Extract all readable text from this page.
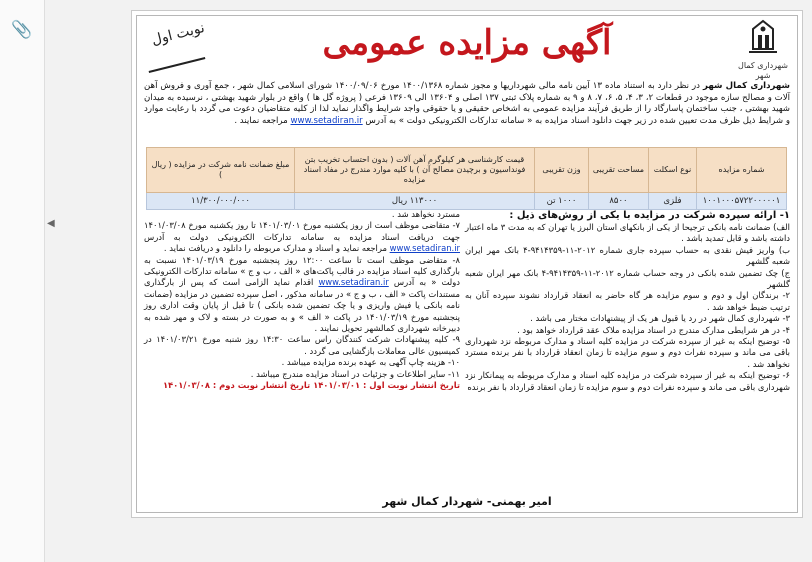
📎
◀
شهرداری کمال شهر
آگهی مزایده عمومی
نوبت اول
شهرداری کمال شهر در نظر دارد به استناد ماده ۱۳ آیین نامه مالی شهرداریها و مجوز شماره ۱۴۰۰/۱۳۶۸ مورخ ۱۴۰۰/۰۹/۰۶ شورای اسلامی کمال شهر ، جمع آوری و فروش آهن آلات و مصالح سازه موجود در قطعات ۲، ۳، ۴، ۵، ۶، ۷، ۸ و ۹ به شماره پلاک ثبتی ۱۳۷ اصلی و ۱۳۶۰۴ الی ۱۳۶۰۹ فرعی ( پروژه گل ها ) واقع در بلوار شهید بهشتی ، نرسیده به میدان شهید بهشتی ، جنب ساختمان پاسارگاد را از طریق فرآیند مزایده عمومی به اشخاص حقیقی و یا حقوقی واجد شرایط واگذار نماید لذا از کلیه متقاضیان دعوت می گردد با رعایت موارد و شرایط ذیل ظرف مدت تعیین شده در زیر جهت دانلود اسناد مزایده به « سامانه تدارکات الکترونیکی دولت » به آدرس www.setadiran.ir مراجعه نمایند .
شماره مزایده	نوع اسکلت	مساحت تقریبی	وزن تقریبی	قیمت کارشناسی هر کیلوگرم آهن آلات ( بدون احتساب تخریب بتن فونداسیون و برچیدن مصالح آن ) با کلیه موارد مندرج در مفاد اسناد مزایده	مبلغ ضمانت نامه شرکت در مزایده ( ریال )
۱۰۰۱۰۰۰۵۷۲۲۰۰۰۰۰۱	فلزی	۸۵۰۰	۱۰۰۰ تن	۱۱۳۰۰۰ ریال	۱۱/۳۰۰/۰۰۰/۰۰۰

۱- ارائه سپرده شرکت در مزایده با یکی از روش‌های ذیل :

الف) ضمانت نامه بانکی ترجیحا از یکی از بانکهای استان البرز یا تهران که به مدت ۳ ماه اعتبار داشته باشد و قابل تمدید باشد .

ب) واریز فیش نقدی به حساب سپرده جاری شماره ۲۰۱۲-۱۱-۹۴۱۴۳۵۹-۴ بانک مهر ایران شعبه گلشهر

ج) چک تضمین شده بانکی در وجه حساب شماره ۲۰۱۲-۱۱-۹۴۱۴۳۵۹-۴ بانک مهر ایران شعبه گلشهر

۲- برندگان اول و دوم و سوم مزایده هر گاه حاضر به انعقاد قرارداد نشوند سپرده آنان به ترتیب ضبط خواهد شد .

۳- شهرداری کمال شهر در رد یا قبول هر یک از پیشنهادات مختار می باشد .

۴- در هر شرایطی مدارک مندرج در اسناد مزایده ملاک عقد قرارداد خواهد بود .

۵- توضیح اینکه به غیر از سپرده شرکت در مزایده کلیه اسناد و مدارک مربوطه نزد شهرداری باقی می ماند و سپرده نفرات دوم و سوم مزایده تا زمان انعقاد قرارداد با نفر برنده مسترد نخواهد شد .

۶- توضیح اینکه به غیر از سپرده شرکت در مزایده کلیه اسناد و مدارک مربوطه به پیمانکار نزد شهرداری باقی می ماند و سپرده نفرات دوم و سوم مزایده تا زمان انعقاد قرارداد با نفر برنده

مسترد نخواهد شد .

۷- متقاضی موظف است از روز یکشنبه مورخ ۱۴۰۱/۰۳/۰۱ تا روز یکشنبه مورخ ۱۴۰۱/۰۳/۰۸ جهت دریافت اسناد مزایده به سامانه تدارکات الکترونیکی دولت به آدرس www.setadiran.ir مراجعه نماید و اسناد و مدارک مربوطه را دانلود و دریافت نماید .

۸- متقاضی موظف است تا ساعت ۱۲:۰۰ روز پنجشنبه مورخ ۱۴۰۱/۰۳/۱۹ نسبت به بارگذاری کلیه اسناد مزایده در قالب پاکت‌های « الف ، ب و ج » سامانه تدارکات الکترونیکی دولت « به آدرس www.setadiran.ir اقدام نماید الزامی است که پس از بارگذاری مستندات پاکت « الف ، ب و ج » در سامانه مذکور ، اصل سپرده تضمین در مزایده (ضمانت نامه بانکی یا فیش واریزی و یا چک تضمین شده بانکی ) تا قبل از پایان وقت اداری روز پنجشنبه مورخ ۱۴۰۱/۰۳/۱۹ در پاکت « الف » و به صورت در بسته و لاک و مهر شده به دبیرخانه شهرداری کمالشهر تحویل نمایند .

۹- کلیه پیشنهادات شرکت کنندگان راس ساعت ۱۴:۳۰ روز شنبه مورخ ۱۴۰۱/۰۳/۲۱ در کمیسیون عالی معاملات بازگشایی می گردد .

۱۰- هزینه چاپ آگهی به عهده برنده مزایده میباشد .

۱۱- سایر اطلاعات و جزئیات در اسناد مزایده مندرج میباشد .

تاریخ انتشار نوبت اول : ۱۴۰۱/۰۳/۰۱ تاریخ انتشار نوبت دوم : ۱۴۰۱/۰۳/۰۸

امیر بهمنی- شهردار کمال شهر
